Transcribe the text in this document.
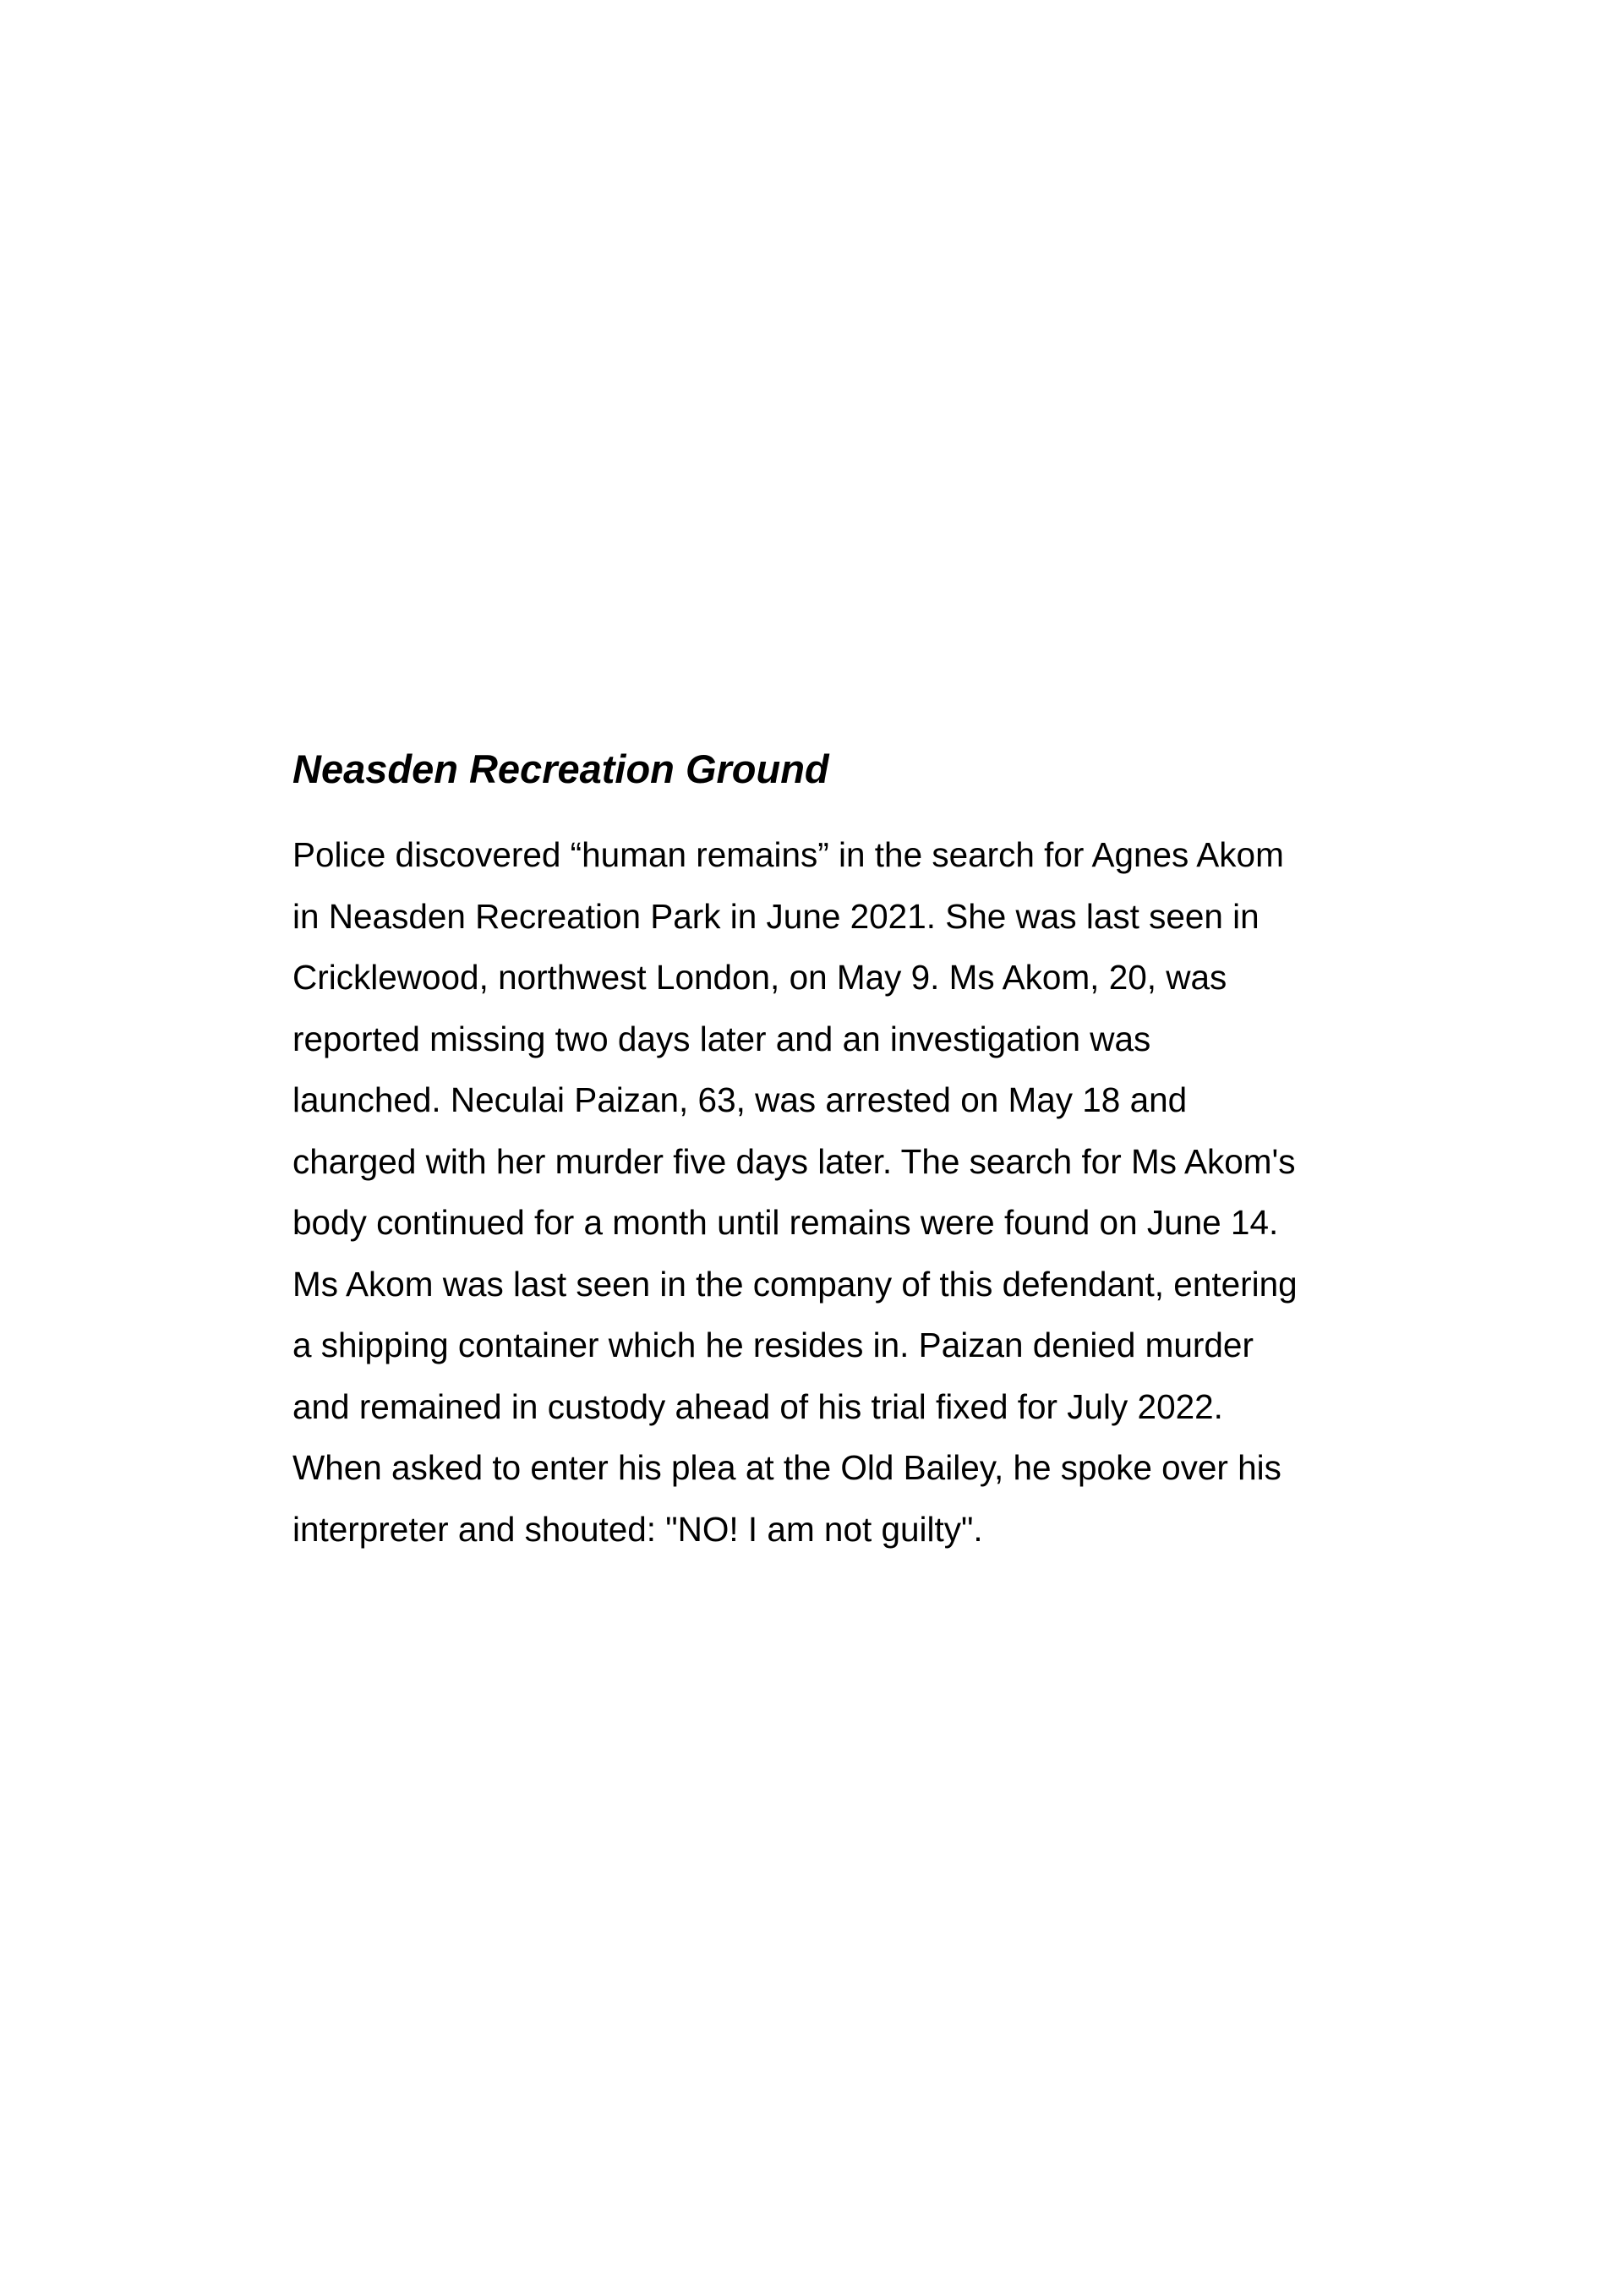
Neasden Recreation Ground

Police discovered “human remains” in the search for Agnes Akom
in Neasden Recreation Park in June 2021. She was last seen in
Cricklewood, northwest London, on May 9. Ms Akom, 20, was
reported missing two days later and an investigation was
launched. Neculai Paizan, 63, was arrested on May 18 and
charged with her murder five days later. The search for Ms Akom's
body continued for a month until remains were found on June 14.
Ms Akom was last seen in the company of this defendant, entering
a shipping container which he resides in. Paizan denied murder
and remained in custody ahead of his trial fixed for July 2022.
When asked to enter his plea at the Old Bailey, he spoke over his
interpreter and shouted: "NO! I am not guilty".
